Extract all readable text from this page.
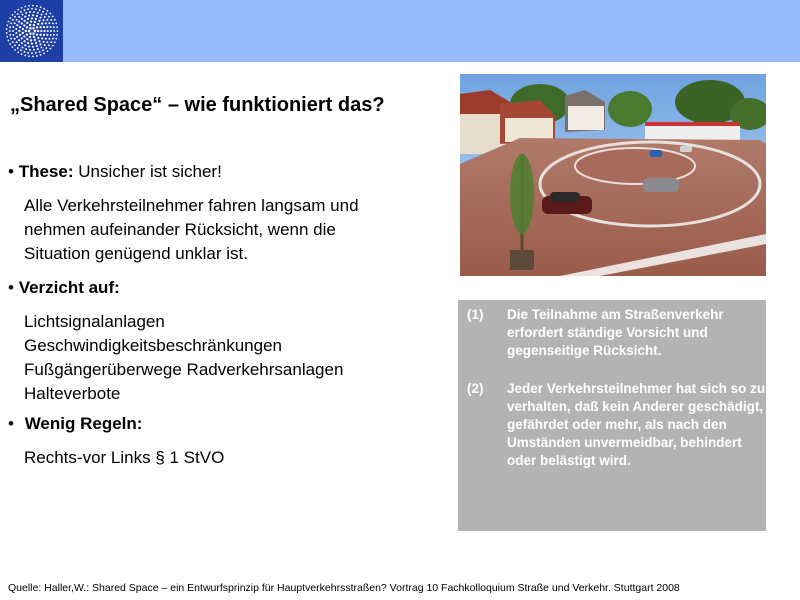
„Shared Space“ – wie funktioniert das?
• These: Unsicher ist sicher!
Alle Verkehrsteilnehmer fahren langsam und
nehmen aufeinander Rücksicht, wenn die
Situation genügend unklar ist.
• Verzicht auf:
Lichtsignalanlagen
Geschwindigkeitsbeschränkungen
Fußgängerüberwege Radverkehrsanlagen
Halteverbote
• Wenig Regeln:
Rechts-vor Links § 1 StVO
(1) Die Teilnahme am Straßenverkehr erfordert ständige Vorsicht und gegenseitige Rücksicht.
(2) Jeder Verkehrsteilnehmer hat sich so zu verhalten, daß kein Anderer geschädigt, gefährdet oder mehr, als nach den Umständen unvermeidbar, behindert oder belästigt wird.
Quelle: Haller,W.: Shared Space – ein Entwurfsprinzip für Hauptverkehrsstraßen? Vortrag 10 Fachkolloquium Straße und Verkehr. Stuttgart 2008
